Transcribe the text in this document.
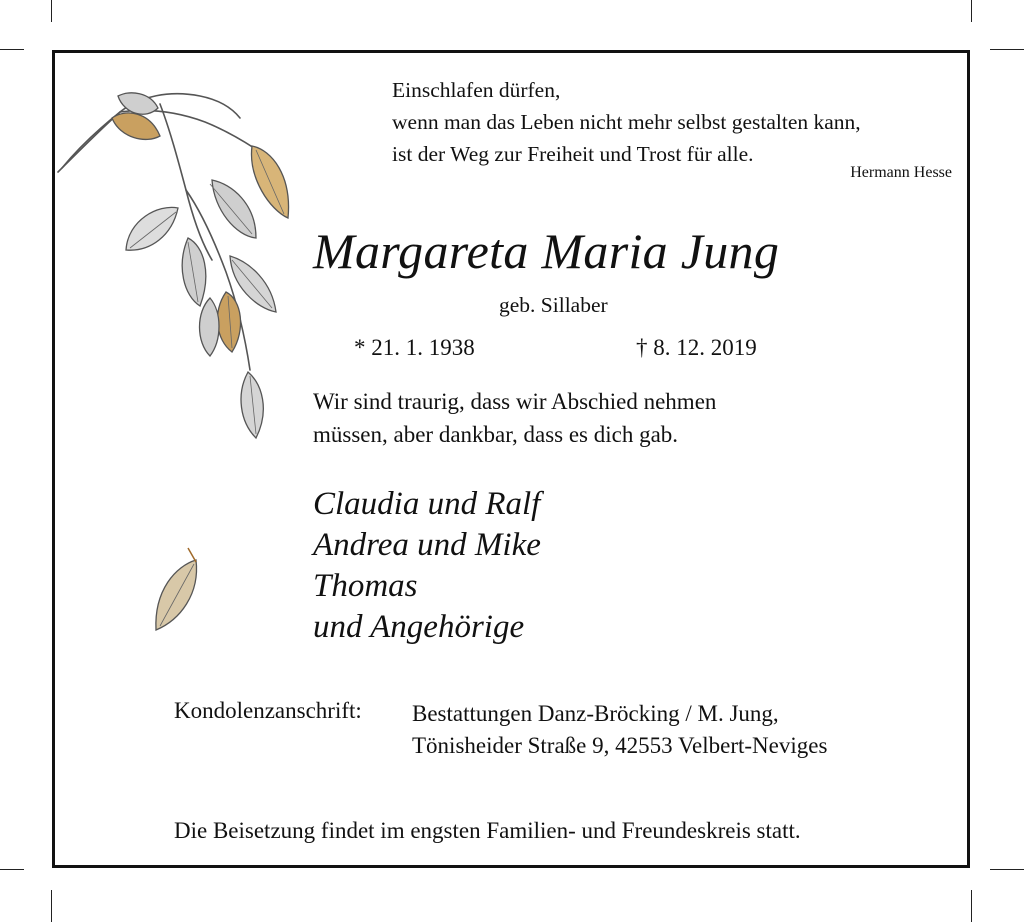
Einschlafen dürfen,
wenn man das Leben nicht mehr selbst gestalten kann,
ist der Weg zur Freiheit und Trost für alle.
Hermann Hesse
Margareta Maria Jung
geb. Sillaber
* 21. 1. 1938	† 8. 12. 2019
Wir sind traurig, dass wir Abschied nehmen
müssen, aber dankbar, dass es dich gab.
Claudia und Ralf
Andrea und Mike
Thomas
und Angehörige
Kondolenzanschrift: Bestattungen Danz-Bröcking / M. Jung,
Tönisheider Straße 9, 42553 Velbert-Neviges
Die Beisetzung findet im engsten Familien- und Freundeskreis statt.
